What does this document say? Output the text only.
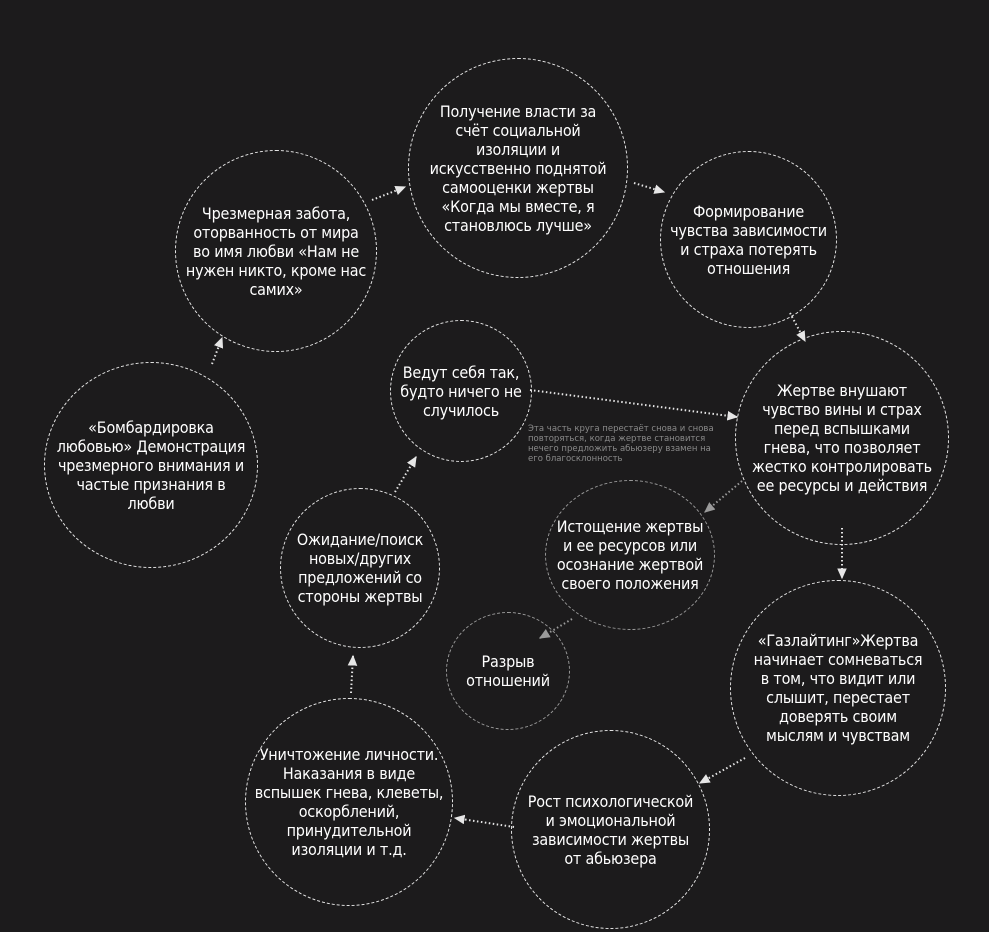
«Бомбардировка
любовью» Демонстрация
чрезмерного внимания и
частые признания в
любви
Чрезмерная забота,
оторванность от мира
во имя любви «Нам не
нужен никто, кроме нас
самих»
Получение власти за
счёт социальной
изоляции и
искусственно поднятой
самооценки жертвы
«Когда мы вместе, я
становлюсь лучше»
Формирование
чувства зависимости
и страха потерять
отношения
Жертве внушают
чувство вины и страх
перед вспышками
гнева, что позволяет
жестко контролировать
ее ресурсы и действия
«Газлайтинг»Жертва
начинает сомневаться
в том, что видит или
слышит, перестает
доверять своим
мыслям и чувствам
Рост психологической
и эмоциональной
зависимости жертвы
от абьюзера
Уничтожение личности.
Наказания в виде
вспышек гнева, клеветы,
оскорблений,
принудительной
изоляции и т.д.
Ожидание/поиск
новых/других
предложений со
стороны жертвы
Ведут себя так,
будто ничего не
случилось
Истощение жертвы
и ее ресурсов или
осознание жертвой
своего положения
Разрыв
отношений
Эта часть круга перестаёт снова и снова
повторяться, когда жертве становится
нечего предложить абьюзеру взамен на
его благосклонность
